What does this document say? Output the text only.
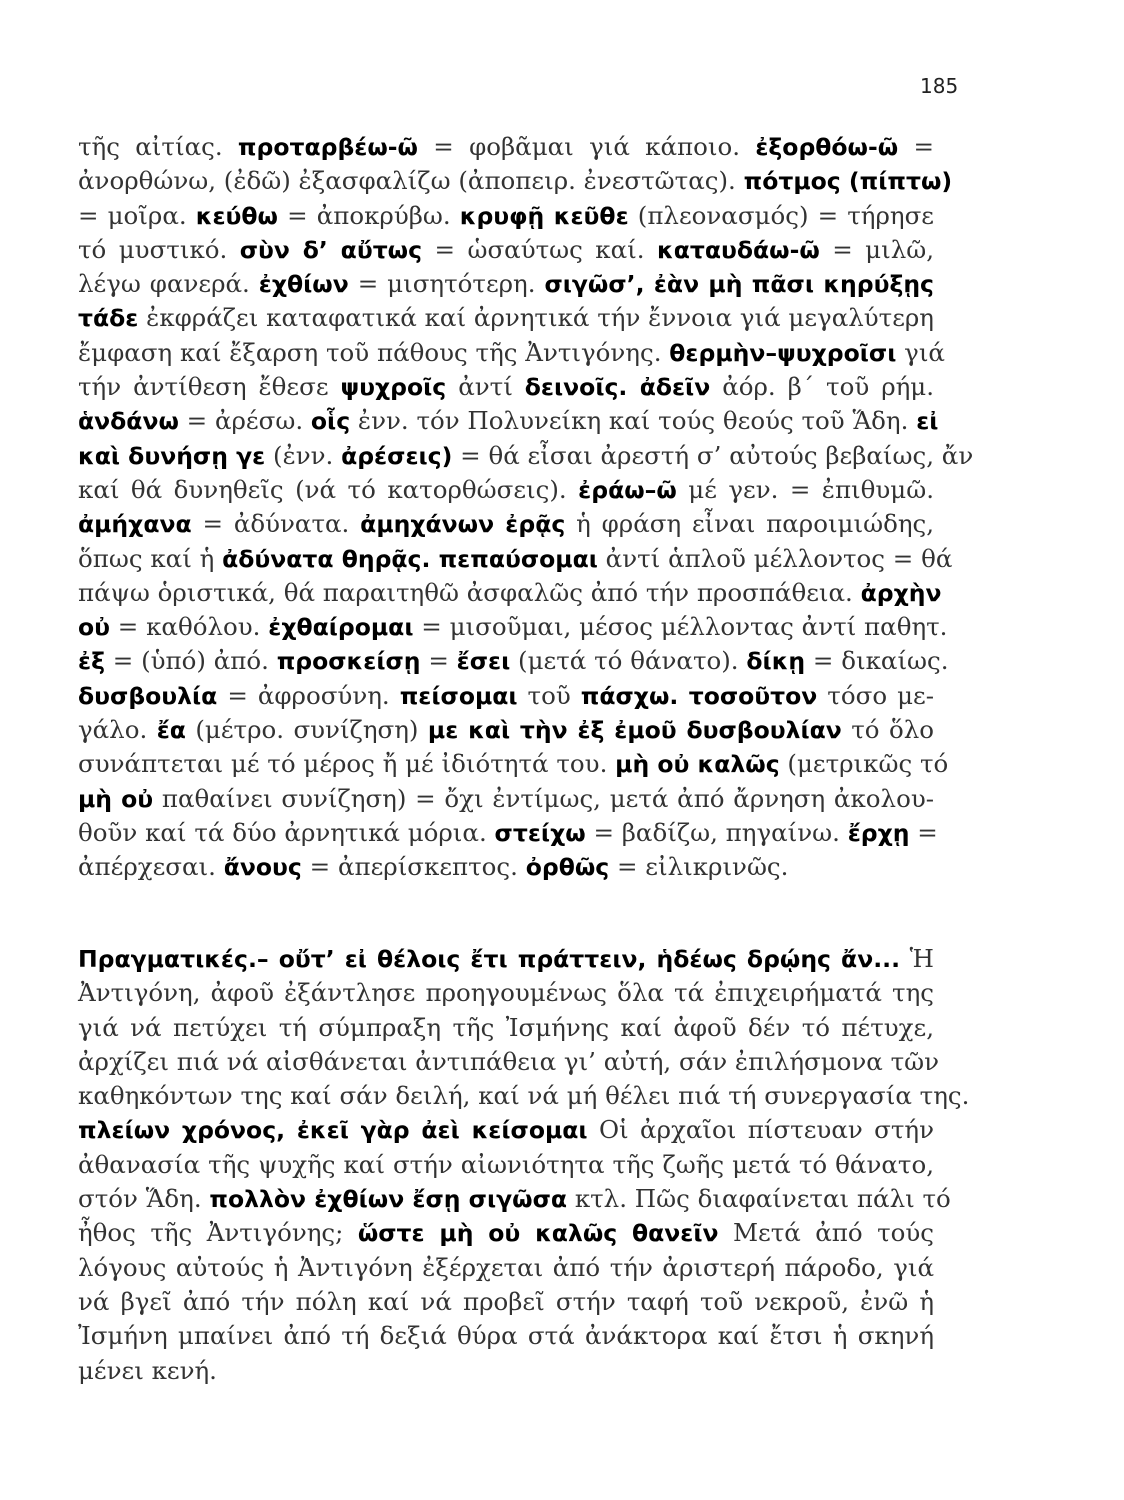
185
τῆς αἰτίας. προταρβέω-ῶ = φοβᾶμαι γιά κάποιο. ἐξορθόω-ῶ =
ἀνορθώνω, (ἐδῶ) ἐξασφαλίζω (ἀποπειρ. ἐνεστῶτας). πότμος (πίπτω)
= μοῖρα. κεύθω = ἀποκρύβω. κρυφῇ κεῦθε (πλεονασμός) = τήρησε
τό μυστικό. σὺν δ’ αὔτως = ὡσαύτως καί. καταυδάω-ῶ = μιλῶ,
λέγω φανερά. ἐχθίων = μισητότερη. σιγῶσ’, ἐὰν μὴ πᾶσι κηρύξῃς
τάδε ἐκφράζει καταφατικά καί ἀρνητικά τήν ἔννοια γιά μεγαλύτερη
ἔμφαση καί ἔξαρση τοῦ πάθους τῆς Ἀντιγόνης. θερμὴν–ψυχροῖσι γιά
τήν ἀντίθεση ἔθεσε ψυχροῖς ἀντί δεινοῖς. ἀδεῖν ἀόρ. β´ τοῦ ρήμ.
ἁνδάνω = ἀρέσω. οἷς ἐνν. τόν Πολυνείκη καί τούς θεούς τοῦ Ἅδη. εἰ
καὶ δυνήσῃ γε (ἐνν. ἀρέσεις) = θά εἶσαι ἀρεστή σ’ αὐτούς βεβαίως, ἄν
καί θά δυνηθεῖς (νά τό κατορθώσεις). ἐράω–ῶ μέ γεν. = ἐπιθυμῶ.
ἀμήχανα = ἀδύνατα. ἀμηχάνων ἐρᾷς ἡ φράση εἶναι παροιμιώδης,
ὅπως καί ἡ ἀδύνατα θηρᾷς. πεπαύσομαι ἀντί ἁπλοῦ μέλλοντος = θά
πάψω ὁριστικά, θά παραιτηθῶ ἀσφαλῶς ἀπό τήν προσπάθεια. ἀρχὴν
οὐ = καθόλου. ἐχθαίρομαι = μισοῦμαι, μέσος μέλλοντας ἀντί παθητ.
ἐξ = (ὑπό) ἀπό. προσκείσῃ = ἔσει (μετά τό θάνατο). δίκῃ = δικαίως.
δυσβουλία = ἀφροσύνη. πείσομαι τοῦ πάσχω. τοσοῦτον τόσο με-
γάλο. ἔα (μέτρο. συνίζηση) με καὶ τὴν ἐξ ἐμοῦ δυσβουλίαν τό ὅλο
συνάπτεται μέ τό μέρος ἤ μέ ἰδιότητά του. μὴ οὐ καλῶς (μετρικῶς τό
μὴ οὐ παθαίνει συνίζηση) = ὄχι ἐντίμως, μετά ἀπό ἄρνηση ἀκολου-
θοῦν καί τά δύο ἀρνητικά μόρια. στείχω = βαδίζω, πηγαίνω. ἔρχῃ =
ἀπέρχεσαι. ἄνους = ἀπερίσκεπτος. ὀρθῶς = εἰλικρινῶς.
Πραγματικές.– οὔτ’ εἰ θέλοις ἔτι πράττειν, ἡδέως δρῴης ἄν... Ἡ
Ἀντιγόνη, ἀφοῦ ἐξάντλησε προηγουμένως ὅλα τά ἐπιχειρήματά της
γιά νά πετύχει τή σύμπραξη τῆς Ἰσμήνης καί ἀφοῦ δέν τό πέτυχε,
ἀρχίζει πιά νά αἰσθάνεται ἀντιπάθεια γι’ αὐτή, σάν ἐπιλήσμονα τῶν
καθηκόντων της καί σάν δειλή, καί νά μή θέλει πιά τή συνεργασία της.
πλείων χρόνος, ἐκεῖ γὰρ ἀεὶ κείσομαι Οἱ ἀρχαῖοι πίστευαν στήν
ἀθανασία τῆς ψυχῆς καί στήν αἰωνιότητα τῆς ζωῆς μετά τό θάνατο,
στόν Ἅδη. πολλὸν ἐχθίων ἔσῃ σιγῶσα κτλ. Πῶς διαφαίνεται πάλι τό
ἦθος τῆς Ἀντιγόνης; ὥστε μὴ οὐ καλῶς θανεῖν Μετά ἀπό τούς
λόγους αὐτούς ἡ Ἀντιγόνη ἐξέρχεται ἀπό τήν ἀριστερή πάροδο, γιά
νά βγεῖ ἀπό τήν πόλη καί νά προβεῖ στήν ταφή τοῦ νεκροῦ, ἐνῶ ἡ
Ἰσμήνη μπαίνει ἀπό τή δεξιά θύρα στά ἀνάκτορα καί ἔτσι ἡ σκηνή
μένει κενή.
